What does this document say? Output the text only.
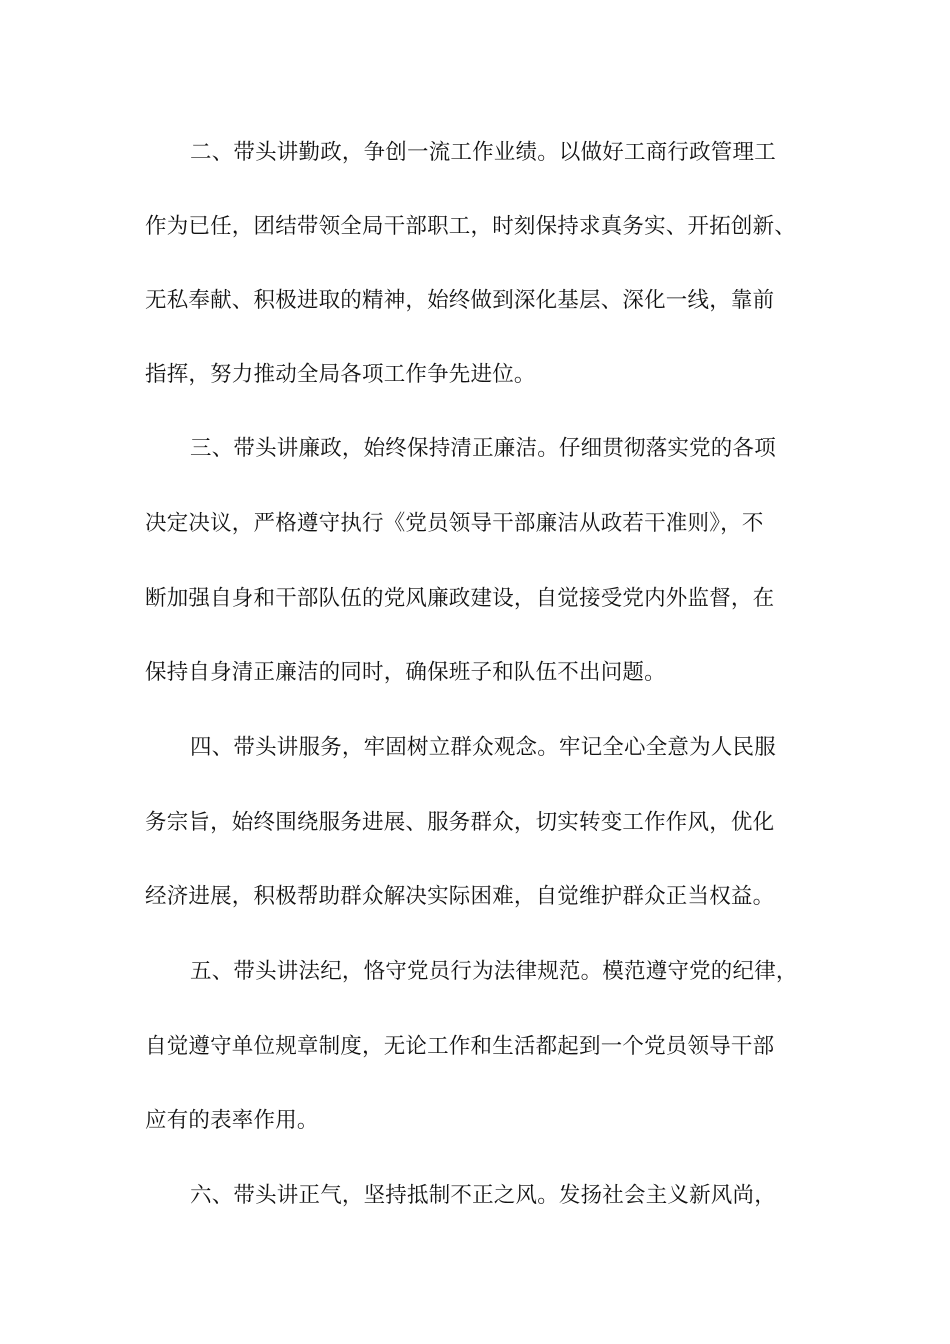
二、带头讲勤政，争创一流工作业绩。以做好工商行政管理工
作为已任，团结带领全局干部职工，时刻保持求真务实、开拓创新、
无私奉献、积极进取的精神，始终做到深化基层、深化一线，靠前
指挥，努力推动全局各项工作争先进位。
三、带头讲廉政，始终保持清正廉洁。仔细贯彻落实党的各项
决定决议，严格遵守执行《党员领导干部廉洁从政若干准则》，不
断加强自身和干部队伍的党风廉政建设，自觉接受党内外监督，在
保持自身清正廉洁的同时，确保班子和队伍不出问题。
四、带头讲服务，牢固树立群众观念。牢记全心全意为人民服
务宗旨，始终围绕服务进展、服务群众，切实转变工作作风，优化
经济进展，积极帮助群众解决实际困难，自觉维护群众正当权益。
五、带头讲法纪，恪守党员行为法律规范。模范遵守党的纪律，
自觉遵守单位规章制度，无论工作和生活都起到一个党员领导干部
应有的表率作用。
六、带头讲正气，坚持抵制不正之风。发扬社会主义新风尚，
